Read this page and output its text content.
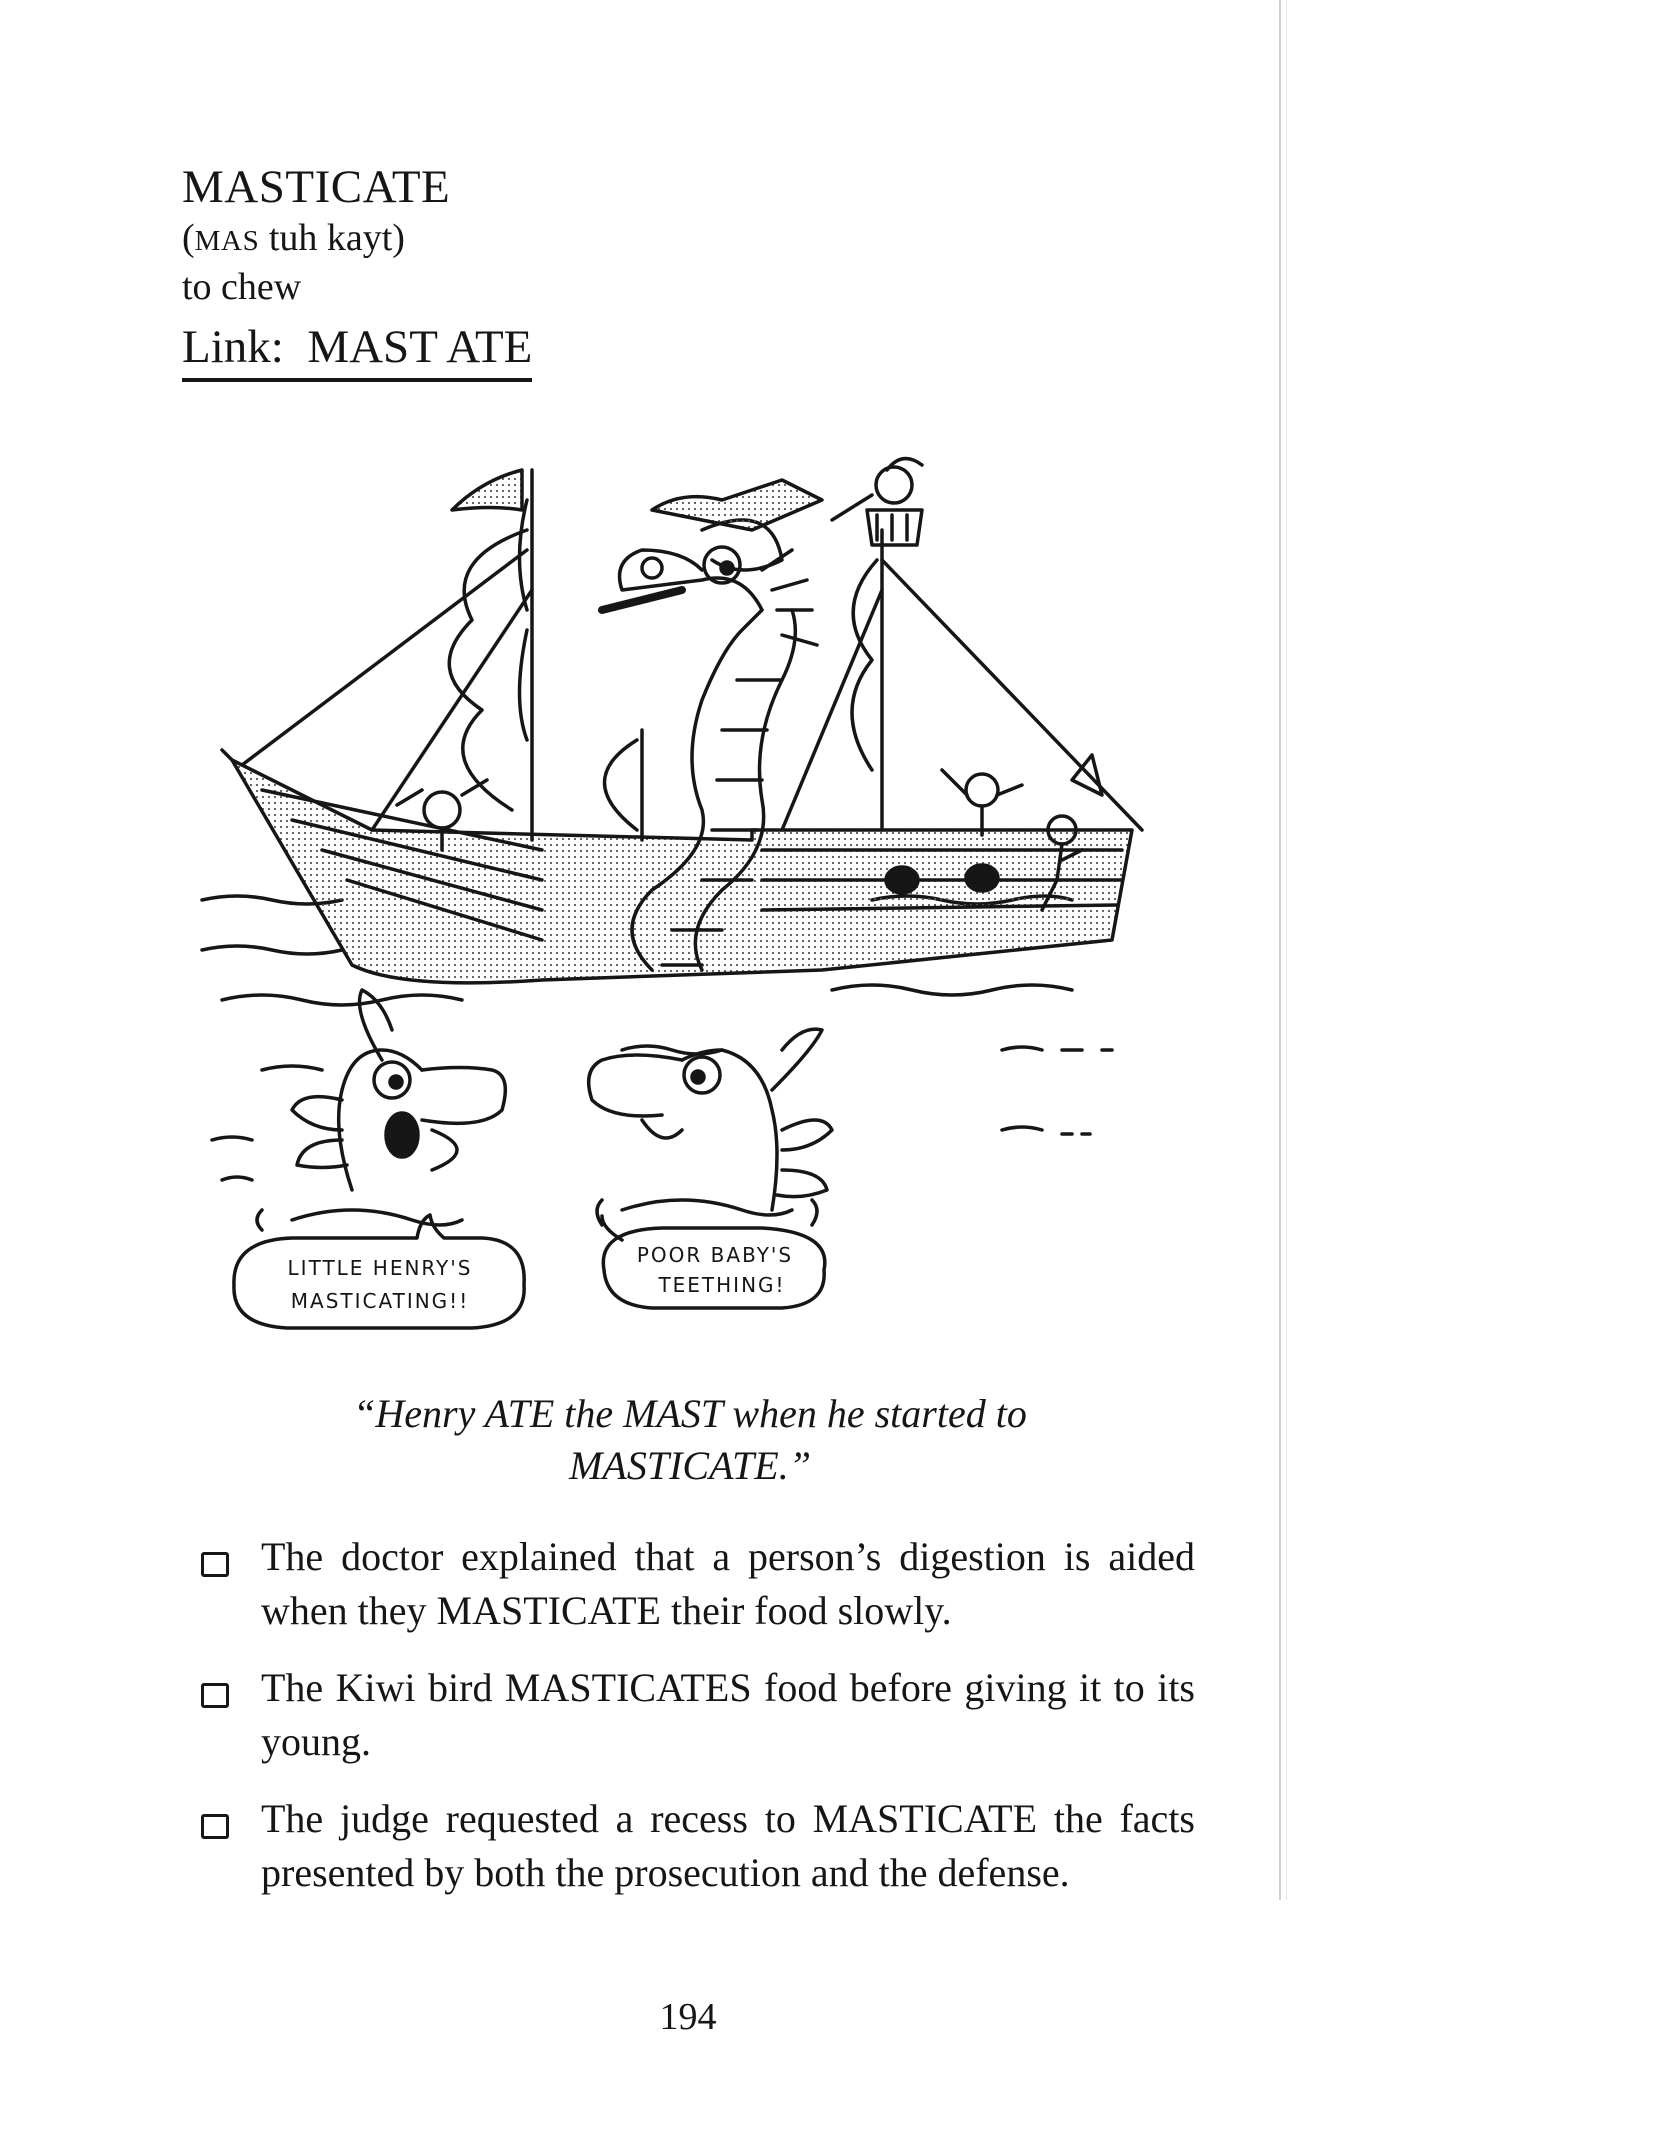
MASTICATE
(MAS tuh kayt)
to chew
Link: MAST ATE
LITTLE HENRY'S
MASTICATING!!
POOR BABY'S
TEETHING!
“Henry ATE the MAST when he started to
MASTICATE.”
The doctor explained that a person’s digestion is aided when they MASTICATE their food slowly.
The Kiwi bird MASTICATES food before giving it to its young.
The judge requested a recess to MASTICATE the facts presented by both the prosecution and the defense.
194
